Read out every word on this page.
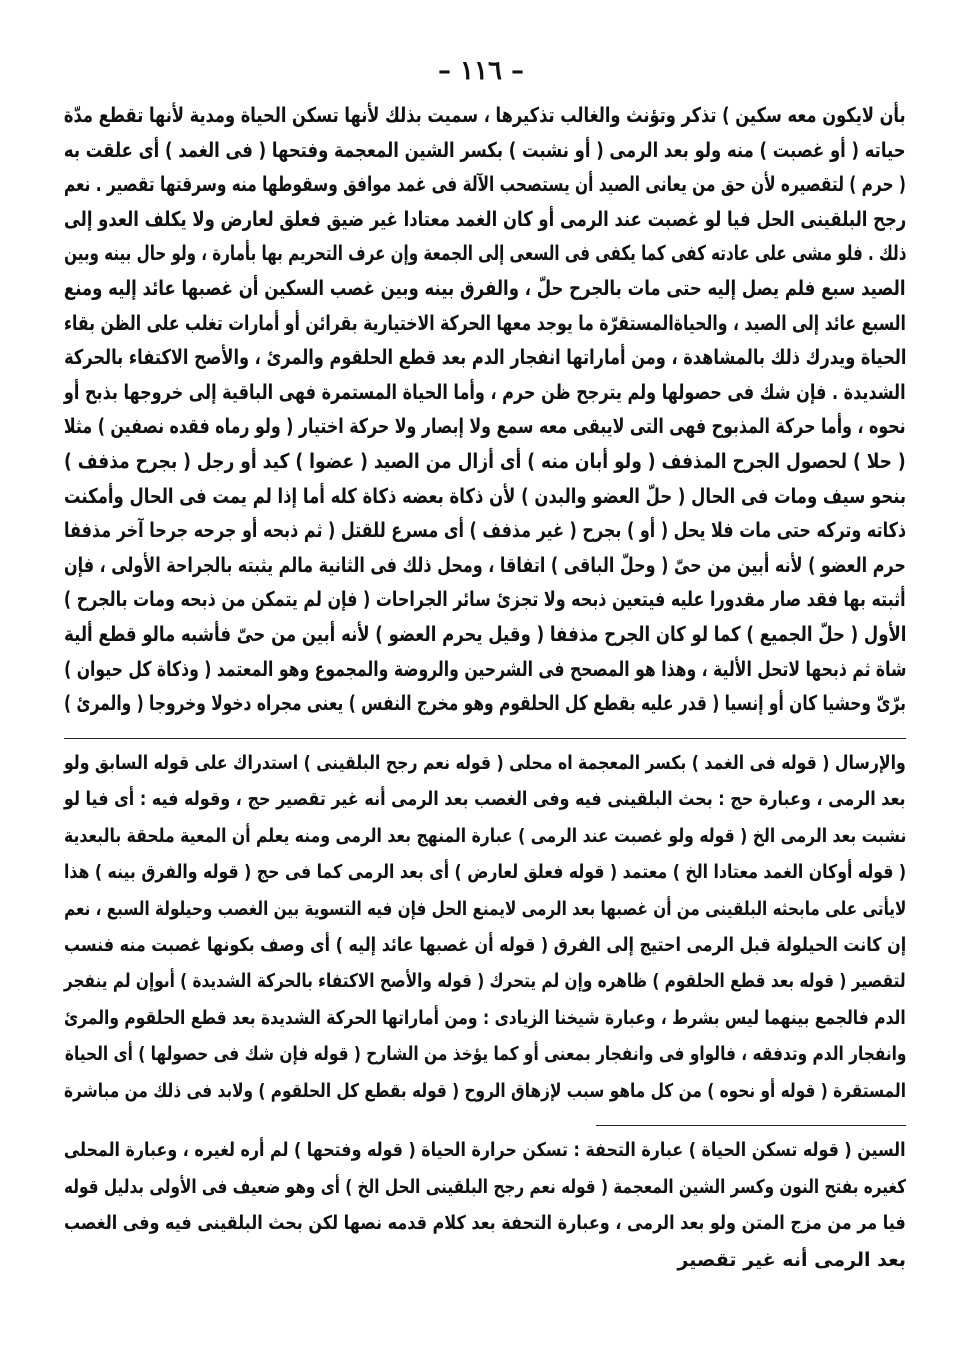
– ١١٦ –
بأن لايكون معه سكين ) تذكر وتؤنث والغالب تذكيرها ، سميت بذلك لأنها تسكن الحياة ومدية لأنها تقطع مدّة
حياته ( أو غصبت ) منه ولو بعد الرمى ( أو نشبت ) بكسر الشين المعجمة وفتحها ( فى الغمد ) أى علقت به
( حرم ) لتقصيره لأن حق من يعانى الصيد أن يستصحب الآلة فى غمد موافق وسقوطها منه وسرقتها تقصير . نعم
رجح البلقينى الحل فيا لو غصبت عند الرمى أو كان الغمد معتادا غير ضيق فعلق لعارض ولا يكلف العدو إلى
ذلك . فلو مشى على عادته كفى كما يكفى فى السعى إلى الجمعة وإن عرف التحريم بها بأمارة ، ولو حال بينه وبين
الصيد سبع فلم يصل إليه حتى مات بالجرح حلّ ، والفرق بينه وبين غصب السكين أن غصبها عائد إليه ومنع
السبع عائد إلى الصيد ، والحياةالمستقرّة ما يوجد معها الحركة الاختيارية بقرائن أو أمارات تغلب على الظن بقاء
الحياة ويدرك ذلك بالمشاهدة ، ومن أماراتها انفجار الدم بعد قطع الحلقوم والمرئ ، والأصح الاكتفاء بالحركة
الشديدة . فإن شك فى حصولها ولم يترجح ظن حرم ، وأما الحياة المستمرة فهى الباقية إلى خروجها بذبح أو
نحوه ، وأما حركة المذبوح فهى التى لايبقى معه سمع ولا إبصار ولا حركة اختيار ( ولو رماه فقده نصفين ) مثلا
( حلا ) لحصول الجرح المذفف ( ولو أبان منه ) أى أزال من الصيد ( عضوا ) كيد أو رجل ( بجرح مذفف )
بنحو سيف ومات فى الحال ( حلّ العضو والبدن ) لأن ذكاة بعضه ذكاة كله أما إذا لم يمت فى الحال وأمكنت
ذكاته وتركه حتى مات فلا يحل ( أو ) بجرح ( غير مذفف ) أى مسرع للقتل ( ثم ذبحه أو جرحه جرحا آخر مذففا
حرم العضو ) لأنه أبين من حىّ ( وحلّ الباقى ) اتفاقا ، ومحل ذلك فى الثانية مالم يثبته بالجراحة الأولى ، فإن
أثبته بها فقد صار مقدورا عليه فيتعين ذبحه ولا تجزئ سائر الجراحات ( فإن لم يتمكن من ذبحه ومات بالجرح )
الأول ( حلّ الجميع ) كما لو كان الجرح مذففا ( وقيل يحرم العضو ) لأنه أبين من حىّ فأشبه مالو قطع ألية
شاة ثم ذبحها لاتحل الألية ، وهذا هو المصحح فى الشرحين والروضة والمجموع وهو المعتمد ( وذكاة كل حيوان )
برّىّ وحشيا كان أو إنسيا ( قدر عليه بقطع كل الحلقوم وهو مخرج النفس ) يعنى مجراه دخولا وخروجا ( والمرئ )
والإرسال ( قوله فى الغمد ) بكسر المعجمة اه محلى ( قوله نعم رجح البلقينى ) استدراك على قوله السابق ولو
بعد الرمى ، وعبارة حج : بحث البلقينى فيه وفى الغصب بعد الرمى أنه غير تقصير حج ، وقوله فيه : أى فيا لو
نشبت بعد الرمى الخ ( قوله ولو غصبت عند الرمى ) عبارة المنهج بعد الرمى ومنه يعلم أن المعية ملحقة بالبعدية
( قوله أوكان الغمد معتادا الخ ) معتمد ( قوله فعلق لعارض ) أى بعد الرمى كما فى حج ( قوله والفرق بينه ) هذا
لايأتى على مابحثه البلقينى من أن غصبها بعد الرمى لايمنع الحل فإن فيه التسوية بين الغصب وحيلولة السبع ، نعم
إن كانت الحيلولة قبل الرمى احتيج إلى الفرق ( قوله أن غصبها عائد إليه ) أى وصف بكونها غصبت منه فنسب
لتقصير ( قوله بعد قطع الحلقوم ) ظاهره وإن لم يتحرك ( قوله والأصح الاكتفاء بالحركة الشديدة ) أىوإن لم ينفجر
الدم فالجمع بينهما ليس بشرط ، وعبارة شيخنا الزيادى : ومن أماراتها الحركة الشديدة بعد قطع الحلقوم والمرئ
وانفجار الدم وتدفقه ، فالواو فى وانفجار بمعنى أو كما يؤخذ من الشارح ( قوله فإن شك فى حصولها ) أى الحياة
المستقرة ( قوله أو نحوه ) من كل ماهو سبب لإزهاق الروح ( قوله بقطع كل الحلقوم ) ولابد فى ذلك من مباشرة
السين ( قوله تسكن الحياة ) عبارة التحفة : تسكن حرارة الحياة ( قوله وفتحها ) لم أره لغيره ، وعبارة المحلى
كغيره بفتح النون وكسر الشين المعجمة ( قوله نعم رجح البلقينى الحل الخ ) أى وهو ضعيف فى الأولى بدليل قوله
فيا مر من مزج المتن ولو بعد الرمى ، وعبارة التحفة بعد كلام قدمه نصها لكن بحث البلقينى فيه وفى الغصب
بعد الرمى أنه غير تقصير
